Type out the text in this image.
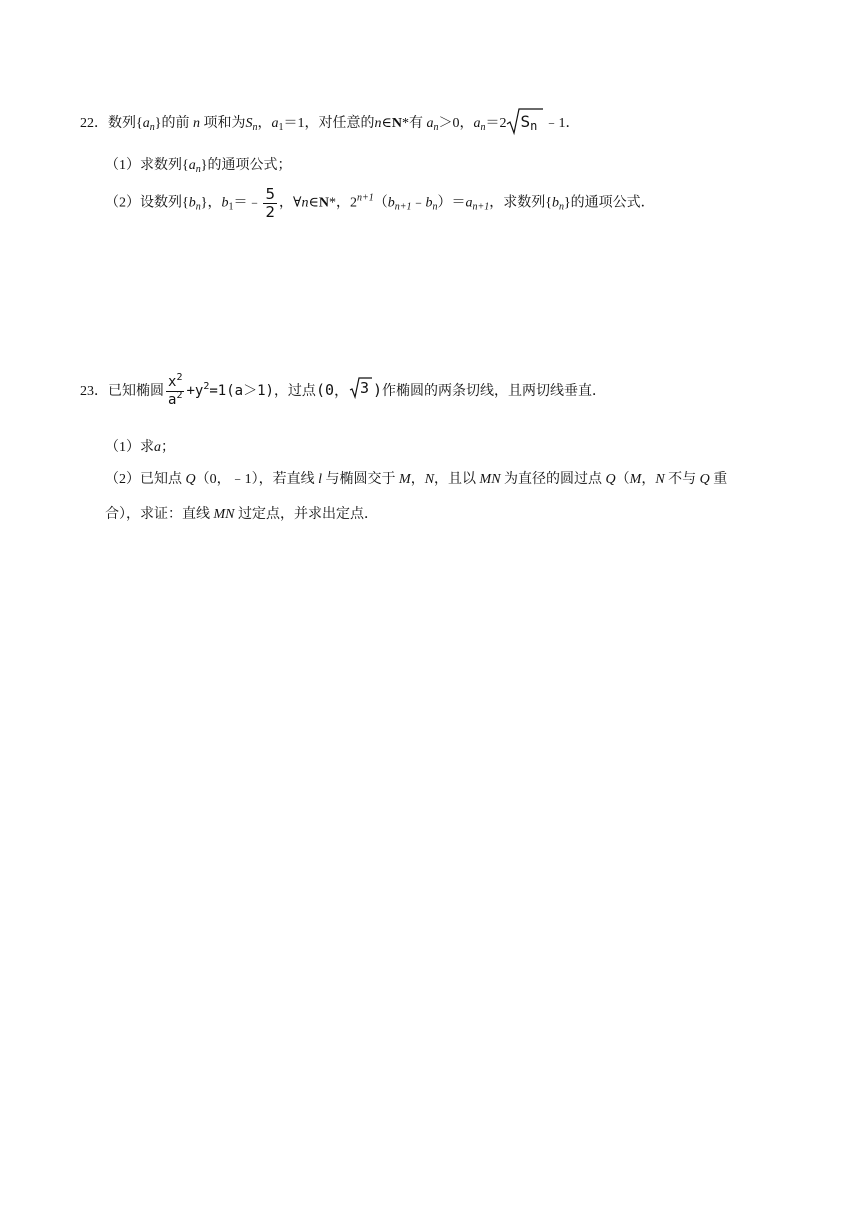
22．数列$\{a_n\}$的前 n 项和为$S_n$，$a_1=1$，对任意的n∈N*有 $a_n>0$，$a_n=2$ $S_n$ ﹣1．
（1）求数列$\{a_n\}$的通项公式；
（2）设数列$\{b_n\}$，$b_1=﹣ \frac{5}{2}$ ，∀n∈N*，$2^{n+1}(b_{n+1}﹣b_n)=a_{n+1}$，求数列$\{b_n\}$的通项公式．
23．已知椭圆 $\frac{x^2}{a^2} +y^2=1(a>1)$，过点(0， 3 )作椭圆的两条切线，且两切线垂直．
（1）求a；
（2）已知点 Q（0，﹣1），若直线 l 与椭圆交于 M，N，且以 MN 为直径的圆过点 Q（M，N 不与 Q 重
合），求证：直线 MN 过定点，并求出定点．
